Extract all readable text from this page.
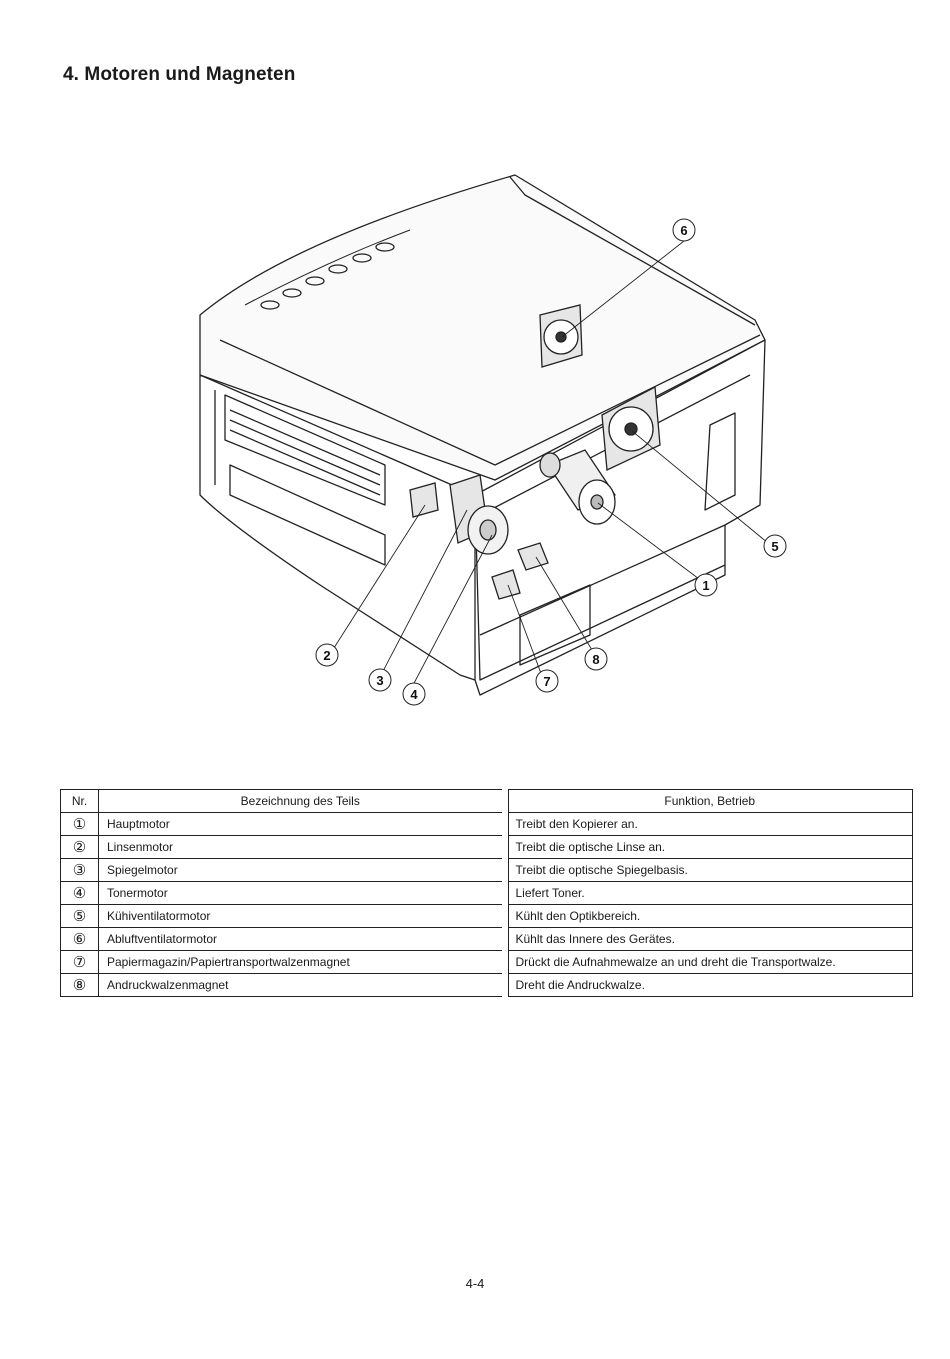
4. Motoren und Magneten
6
5
1
2	8
3	7
4
Nr.	Bezeichnung des Teils	Funktion, Betrieb
①	Hauptmotor	Treibt den Kopierer an.
②	Linsenmotor	Treibt die optische Linse an.
③	Spiegelmotor	Treibt die optische Spiegelbasis.
④	Tonermotor	Liefert Toner.
⑤	Kühiventilatormotor	Kühlt den Optikbereich.
⑥	Abluftventilatormotor	Kühlt das Innere des Gerätes.
⑦	Papiermagazin/Papiertransportwalzenmagnet	Drückt die Aufnahmewalze an und dreht die Transportwalze.
⑧	Andruckwalzenmagnet	Dreht die Andruckwalze.
4-4
